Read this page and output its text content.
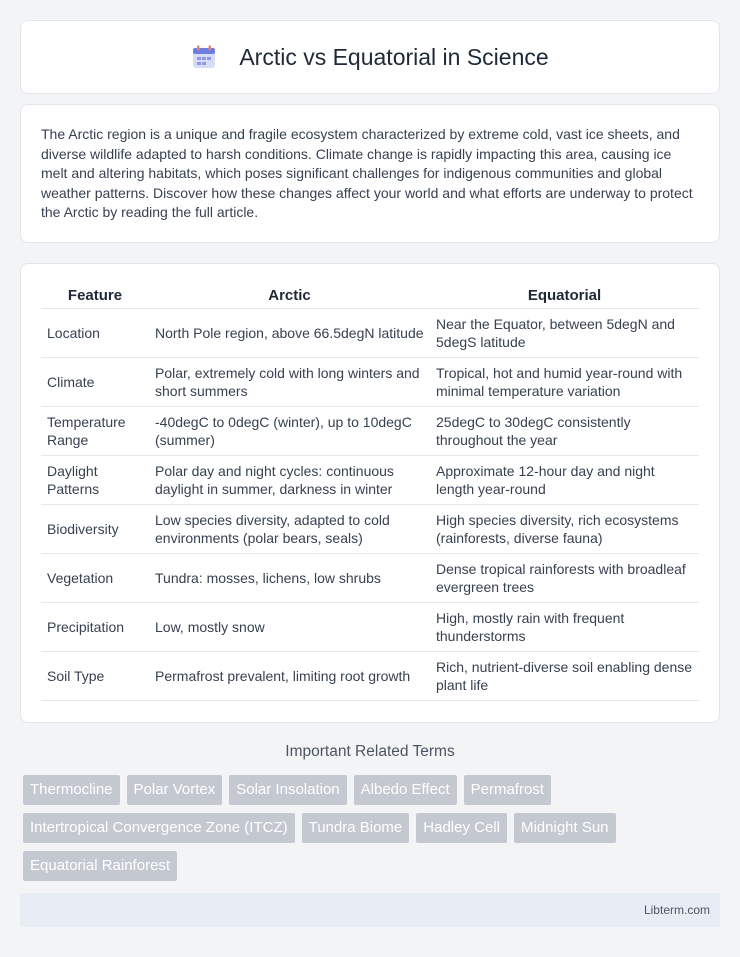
Arctic vs Equatorial in Science

The Arctic region is a unique and fragile ecosystem characterized by extreme cold, vast ice sheets, and diverse wildlife adapted to harsh conditions. Climate change is rapidly impacting this area, causing ice melt and altering habitats, which poses significant challenges for indigenous communities and global weather patterns. Discover how these changes affect your world and what efforts are underway to protect the Arctic by reading the full article.

Feature	Arctic	Equatorial
Location	North Pole region, above 66.5degN latitude	Near the Equator, between 5degN and 5degS latitude
Climate	Polar, extremely cold with long winters and short summers	Tropical, hot and humid year-round with minimal temperature variation
Temperature Range	-40degC to 0degC (winter), up to 10degC (summer)	25degC to 30degC consistently throughout the year
Daylight Patterns	Polar day and night cycles: continuous daylight in summer, darkness in winter	Approximate 12-hour day and night length year-round
Biodiversity	Low species diversity, adapted to cold environments (polar bears, seals)	High species diversity, rich ecosystems (rainforests, diverse fauna)
Vegetation	Tundra: mosses, lichens, low shrubs	Dense tropical rainforests with broadleaf evergreen trees
Precipitation	Low, mostly snow	High, mostly rain with frequent thunderstorms
Soil Type	Permafrost prevalent, limiting root growth	Rich, nutrient-diverse soil enabling dense plant life
Important Related Terms
Thermocline	Polar Vortex	Solar Insolation	Albedo Effect	Permafrost
Intertropical Convergence Zone (ITCZ)	Tundra Biome	Hadley Cell	Midnight Sun
Equatorial Rainforest
Libterm.com
